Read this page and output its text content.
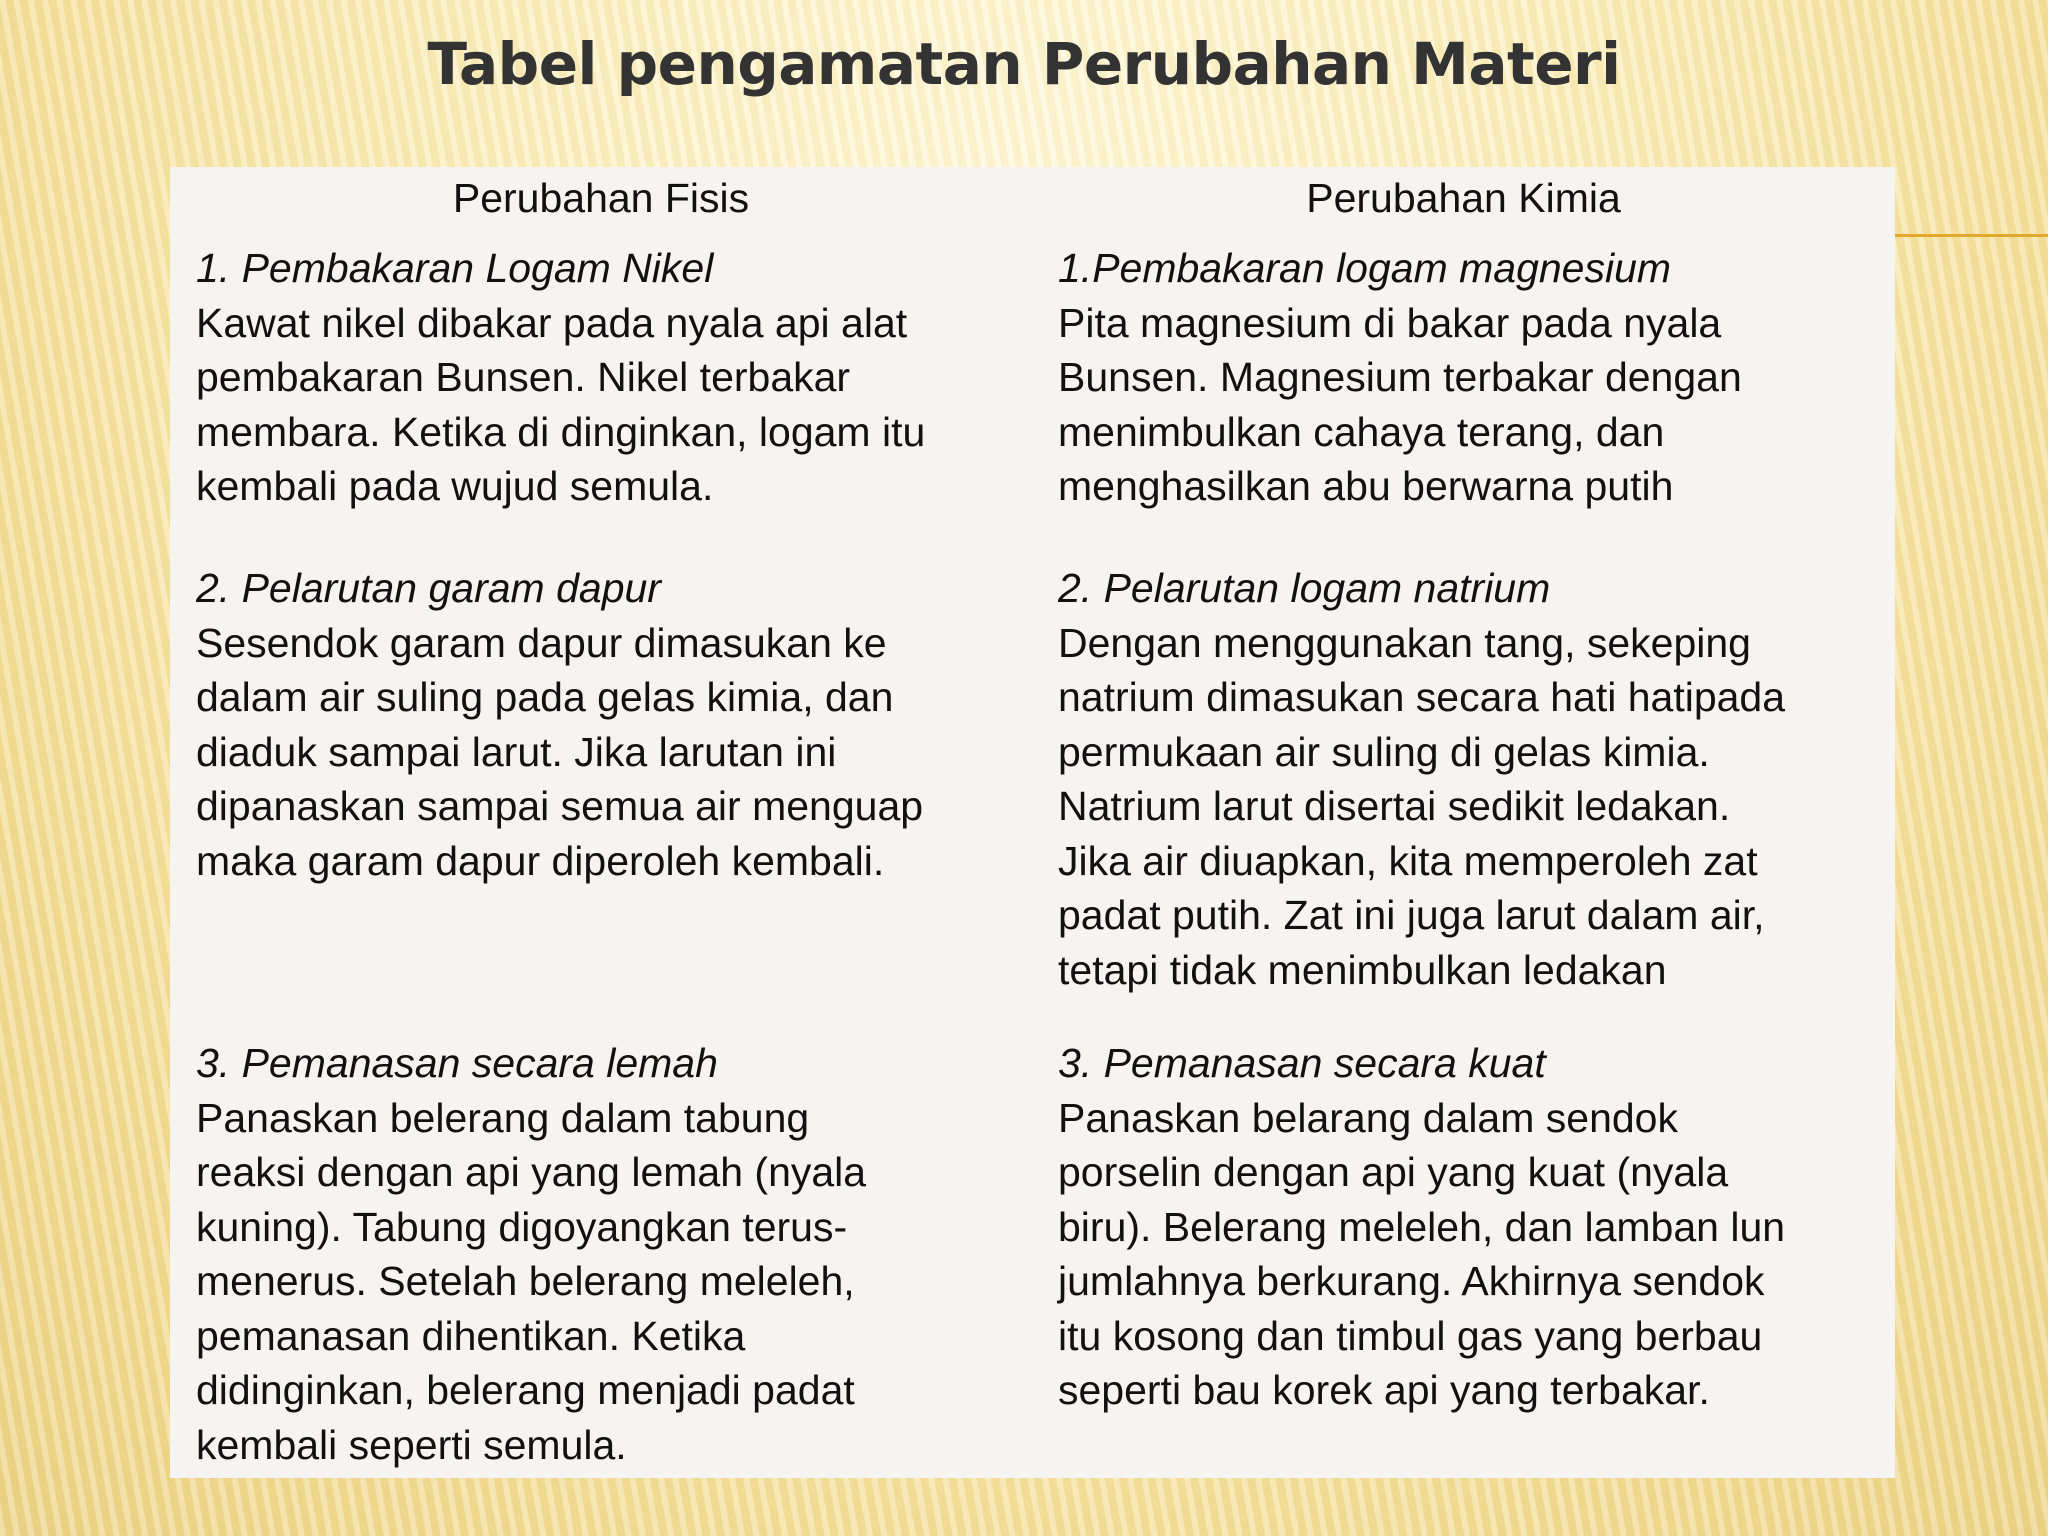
Tabel pengamatan Perubahan Materi
Perubahan Fisis
1. Pembakaran Logam Nikel
Kawat nikel dibakar pada nyala api alat
pembakaran Bunsen. Nikel terbakar
membara. Ketika di dinginkan, logam itu
kembali pada wujud semula.
2. Pelarutan garam dapur
Sesendok garam dapur dimasukan ke
dalam air suling pada gelas kimia, dan
diaduk sampai larut. Jika larutan ini
dipanaskan sampai semua air menguap
maka garam dapur diperoleh kembali.
3. Pemanasan secara lemah
Panaskan belerang dalam tabung
reaksi dengan api yang lemah (nyala
kuning). Tabung digoyangkan terus-
menerus. Setelah belerang meleleh,
pemanasan dihentikan. Ketika
didinginkan, belerang menjadi padat
kembali seperti semula.
Perubahan Kimia
1.Pembakaran logam magnesium
Pita magnesium di bakar pada nyala
Bunsen. Magnesium terbakar dengan
menimbulkan cahaya terang, dan
menghasilkan abu berwarna putih
2. Pelarutan logam natrium
Dengan menggunakan tang, sekeping
natrium dimasukan secara hati hatipada
permukaan air suling di gelas kimia.
Natrium larut disertai sedikit ledakan.
Jika air diuapkan, kita memperoleh zat
padat putih. Zat ini juga larut dalam air,
tetapi tidak menimbulkan ledakan
3. Pemanasan secara kuat
Panaskan belarang dalam sendok
porselin dengan api yang kuat (nyala
biru). Belerang meleleh, dan lamban lun
jumlahnya berkurang. Akhirnya sendok
itu kosong dan timbul gas yang berbau
seperti bau korek api yang terbakar.
